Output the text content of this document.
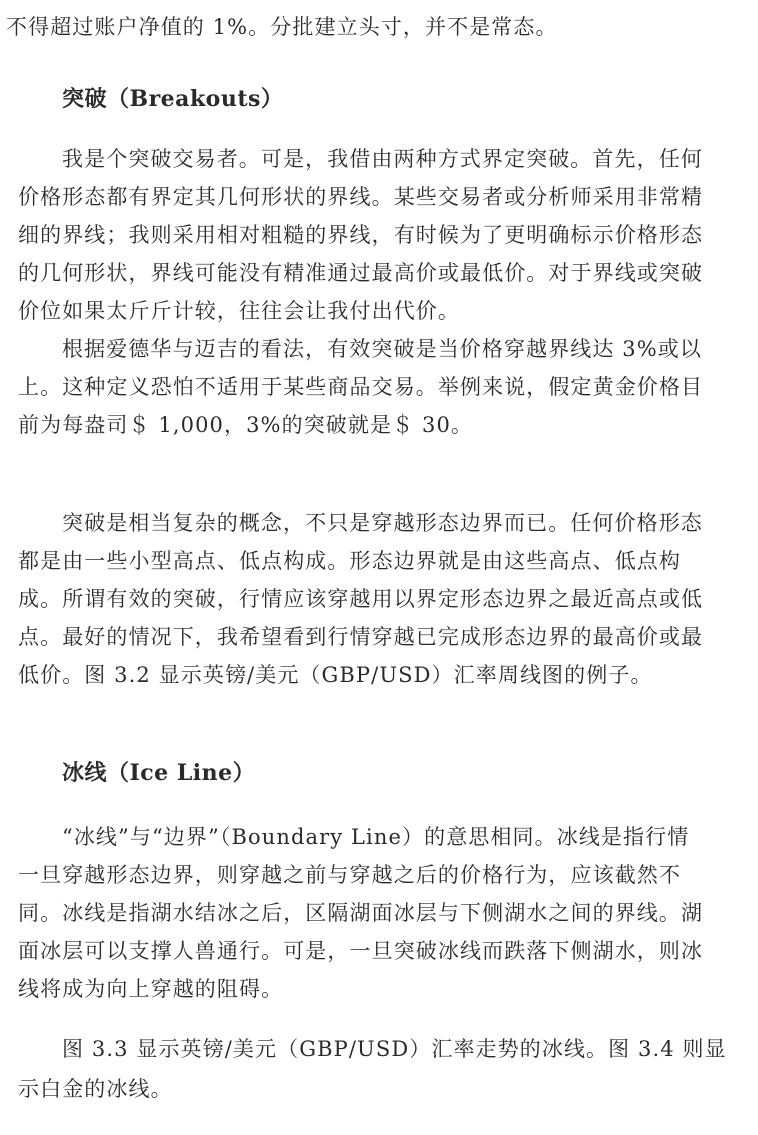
不得超过账户净值的 1%。分批建立头寸，并不是常态。
突破（Breakouts）
我是个突破交易者。可是，我借由两种方式界定突破。首先，任何
价格形态都有界定其几何形状的界线。某些交易者或分析师采用非常精
细的界线；我则采用相对粗糙的界线，有时候为了更明确标示价格形态
的几何形状，界线可能没有精准通过最高价或最低价。对于界线或突破
价位如果太斤斤计较，往往会让我付出代价。
根据爱德华与迈吉的看法，有效突破是当价格穿越界线达 3%或以
上。这种定义恐怕不适用于某些商品交易。举例来说，假定黄金价格目
前为每盎司＄ 1,000，3%的突破就是＄ 30。
突破是相当复杂的概念，不只是穿越形态边界而已。任何价格形态
都是由一些小型高点、低点构成。形态边界就是由这些高点、低点构
成。所谓有效的突破，行情应该穿越用以界定形态边界之最近高点或低
点。最好的情况下，我希望看到行情穿越已完成形态边界的最高价或最
低价。图 3.2 显示英镑/美元（GBP/USD）汇率周线图的例子。
冰线（Ice Line）
“冰线”与“边界”（Boundary Line）的意思相同。冰线是指行情
一旦穿越形态边界，则穿越之前与穿越之后的价格行为，应该截然不
同。冰线是指湖水结冰之后，区隔湖面冰层与下侧湖水之间的界线。湖
面冰层可以支撑人兽通行。可是，一旦突破冰线而跌落下侧湖水，则冰
线将成为向上穿越的阻碍。
图 3.3 显示英镑/美元（GBP/USD）汇率走势的冰线。图 3.4 则显
示白金的冰线。
